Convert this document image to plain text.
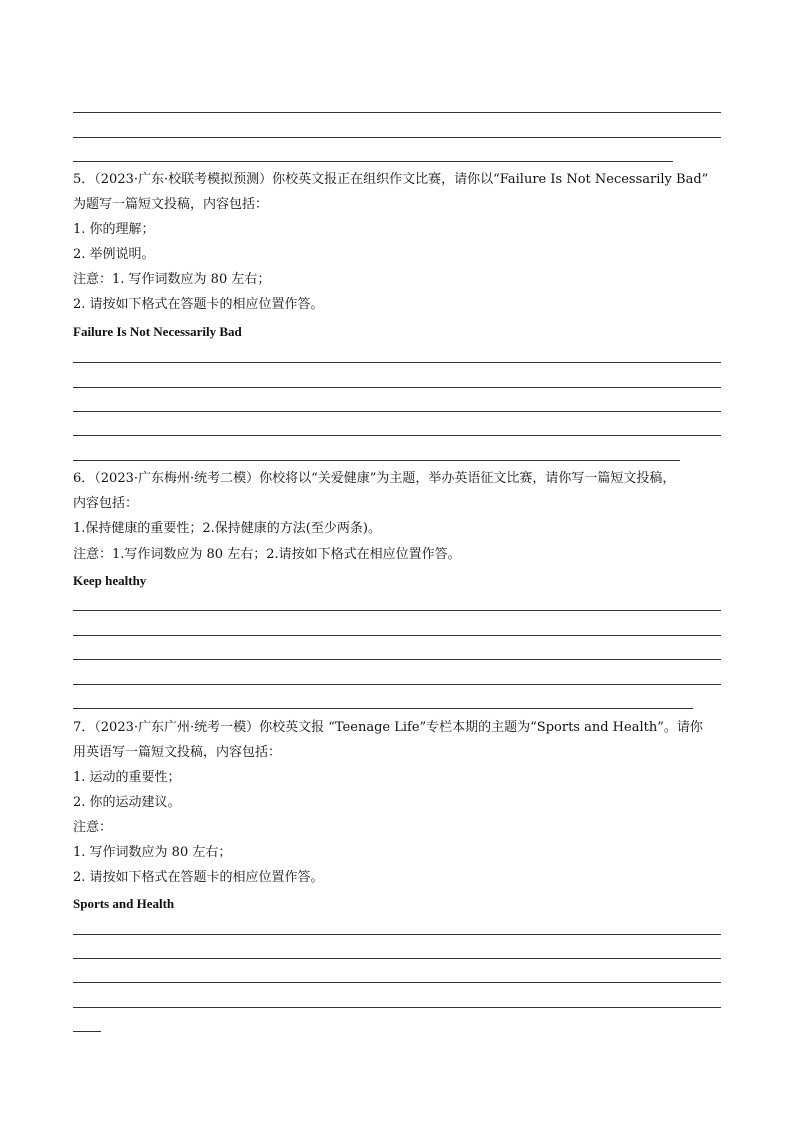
5．（2023·广东·校联考模拟预测）你校英文报正在组织作文比赛，请你以“Failure Is Not Necessarily Bad”
为题写一篇短文投稿，内容包括：
1. 你的理解；
2. 举例说明。
注意：1. 写作词数应为 80 左右；
2. 请按如下格式在答题卡的相应位置作答。
Failure Is Not Necessarily Bad
6．（2023·广东梅州·统考二模）你校将以“关爱健康”为主题，举办英语征文比赛，请你写一篇短文投稿，
内容包括：
1.保持健康的重要性；2.保持健康的方法(至少两条)。
注意：1.写作词数应为 80 左右；2.请按如下格式在相应位置作答。
Keep healthy
7．（2023·广东广州·统考一模）你校英文报 “Teenage Life”专栏本期的主题为“Sports and Health”。请你
用英语写一篇短文投稿，内容包括：
1. 运动的重要性；
2. 你的运动建议。
注意：
1. 写作词数应为 80 左右；
2. 请按如下格式在答题卡的相应位置作答。
Sports and Health
